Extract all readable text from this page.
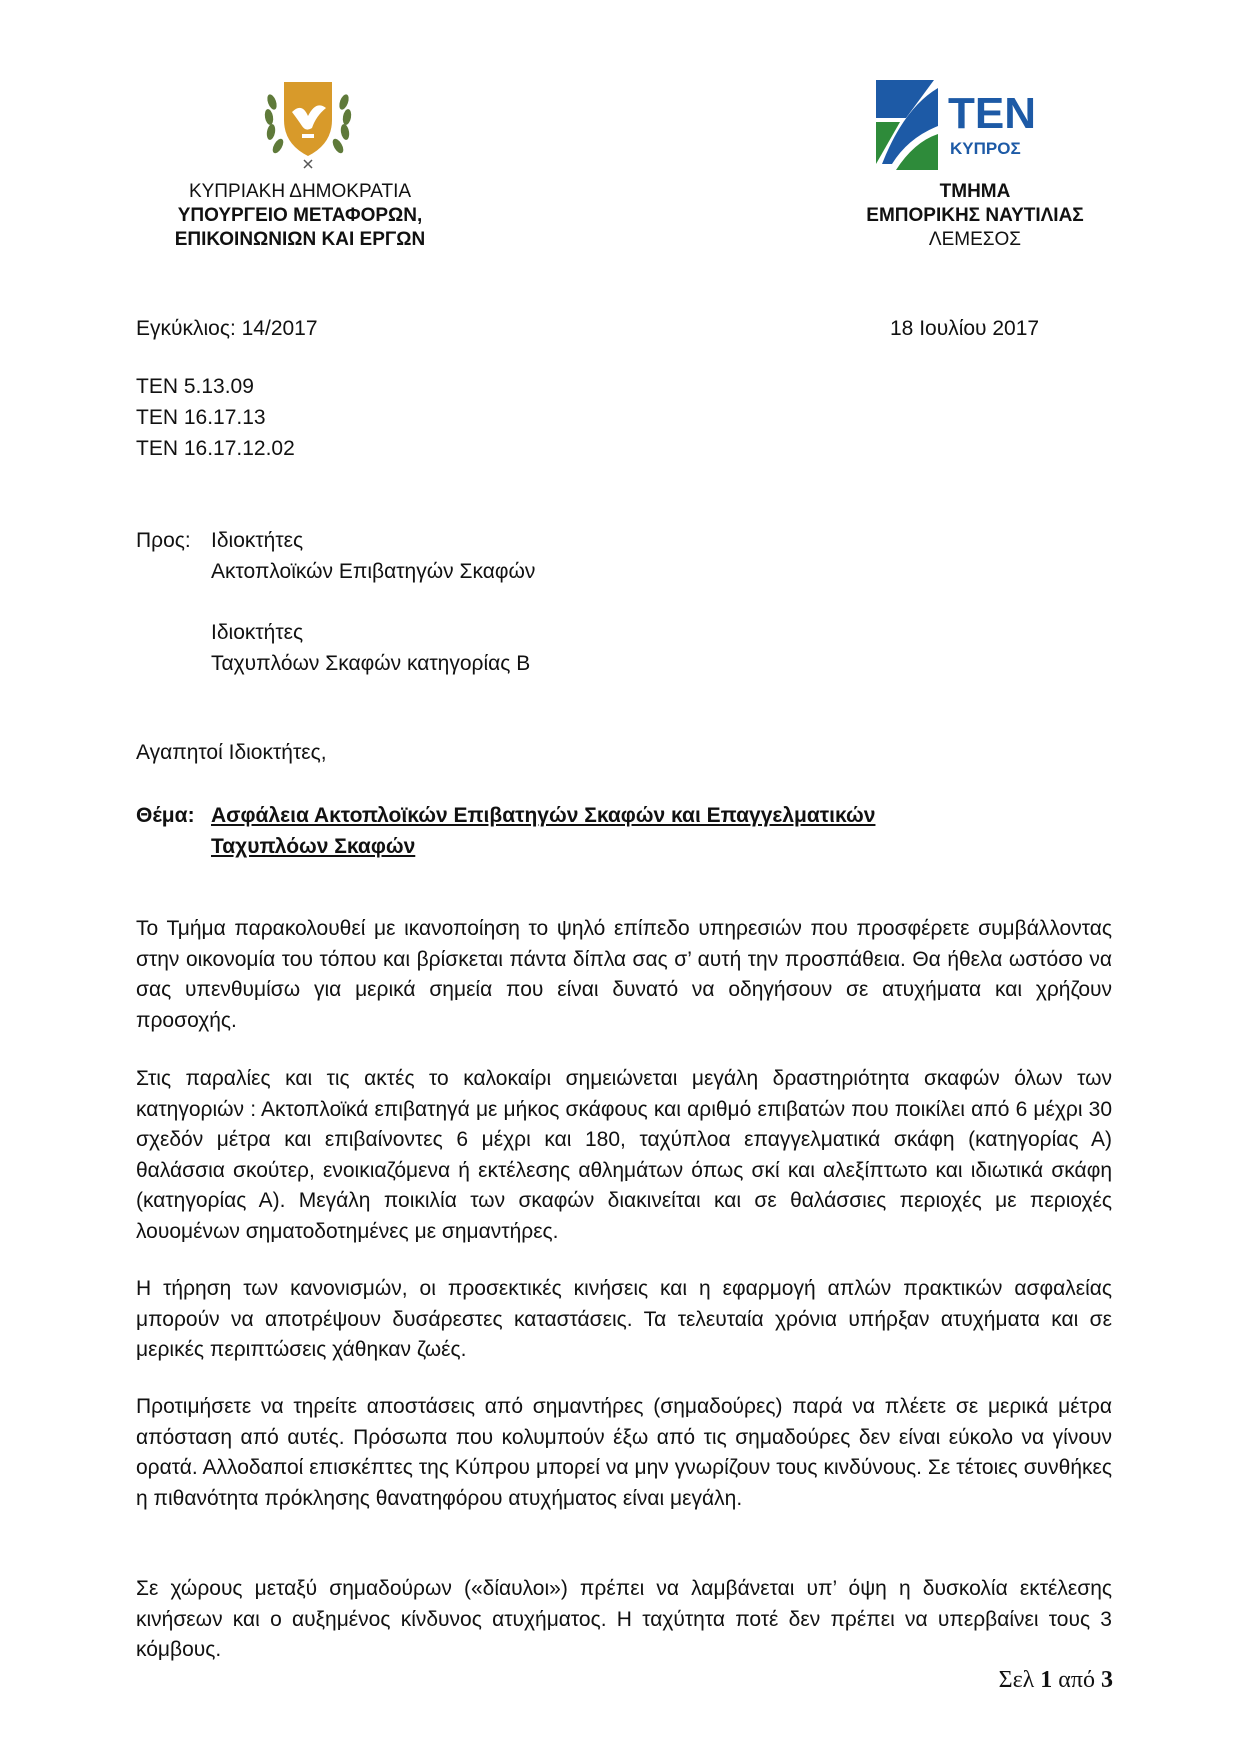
ΚΥΠΡΙΑΚΗ ΔΗΜΟΚΡΑΤΙΑ
ΥΠΟΥΡΓΕΙΟ ΜΕΤΑΦΟΡΩΝ,
ΕΠΙΚΟΙΝΩΝΙΩΝ ΚΑΙ ΕΡΓΩΝ
TEN
ΚΥΠΡΟΣ
ΤΜΗΜΑ
ΕΜΠΟΡΙΚΗΣ ΝΑΥΤΙΛΙΑΣ
ΛΕΜΕΣΟΣ
Εγκύκλιος: 14/2017	18 Ιουλίου 2017
ΤΕΝ 5.13.09
ΤΕΝ 16.17.13
ΤΕΝ 16.17.12.02
Προς: Ιδιοκτήτες
Ακτοπλοϊκών Επιβατηγών Σκαφών
Ιδιοκτήτες
Ταχυπλόων Σκαφών κατηγορίας Β
Αγαπητοί Ιδιοκτήτες,
Θέμα: Ασφάλεια Ακτοπλοϊκών Επιβατηγών Σκαφών και Επαγγελματικών
Ταχυπλόων Σκαφών
Το Τμήμα παρακολουθεί με ικανοποίηση το ψηλό επίπεδο υπηρεσιών που προσφέρετε συμβάλλοντας στην οικονομία του τόπου και βρίσκεται πάντα δίπλα σας σ’ αυτή την προσπάθεια. Θα ήθελα ωστόσο να σας υπενθυμίσω για μερικά σημεία που είναι δυνατό να οδηγήσουν σε ατυχήματα και χρήζουν προσοχής.
Στις παραλίες και τις ακτές το καλοκαίρι σημειώνεται μεγάλη δραστηριότητα σκαφών όλων των κατηγοριών : Ακτοπλοϊκά επιβατηγά με μήκος σκάφους και αριθμό επιβατών που ποικίλει από 6 μέχρι 30 σχεδόν μέτρα και επιβαίνοντες 6 μέχρι και 180, ταχύπλοα επαγγελματικά σκάφη (κατηγορίας Α) θαλάσσια σκούτερ, ενοικιαζόμενα ή εκτέλεσης αθλημάτων όπως σκί και αλεξίπτωτο και ιδιωτικά σκάφη (κατηγορίας Α). Μεγάλη ποικιλία των σκαφών διακινείται και σε θαλάσσιες περιοχές με περιοχές λουομένων σηματοδοτημένες με σημαντήρες.
Η τήρηση των κανονισμών, οι προσεκτικές κινήσεις και η εφαρμογή απλών πρακτικών ασφαλείας μπορούν να αποτρέψουν δυσάρεστες καταστάσεις. Τα τελευταία χρόνια υπήρξαν ατυχήματα και σε μερικές περιπτώσεις χάθηκαν ζωές.
Προτιμήσετε να τηρείτε αποστάσεις από σημαντήρες (σημαδούρες) παρά να πλέετε σε μερικά μέτρα απόσταση από αυτές. Πρόσωπα που κολυμπούν έξω από τις σημαδούρες δεν είναι εύκολο να γίνουν ορατά. Αλλοδαποί επισκέπτες της Κύπρου μπορεί να μην γνωρίζουν τους κινδύνους. Σε τέτοιες συνθήκες η πιθανότητα πρόκλησης θανατηφόρου ατυχήματος είναι μεγάλη.
Σε χώρους μεταξύ σημαδούρων («δίαυλοι») πρέπει να λαμβάνεται υπ’ όψη η δυσκολία εκτέλεσης κινήσεων και ο αυξημένος κίνδυνος ατυχήματος. Η ταχύτητα ποτέ δεν πρέπει να υπερβαίνει τους 3 κόμβους.
Σελ 1 από 3
